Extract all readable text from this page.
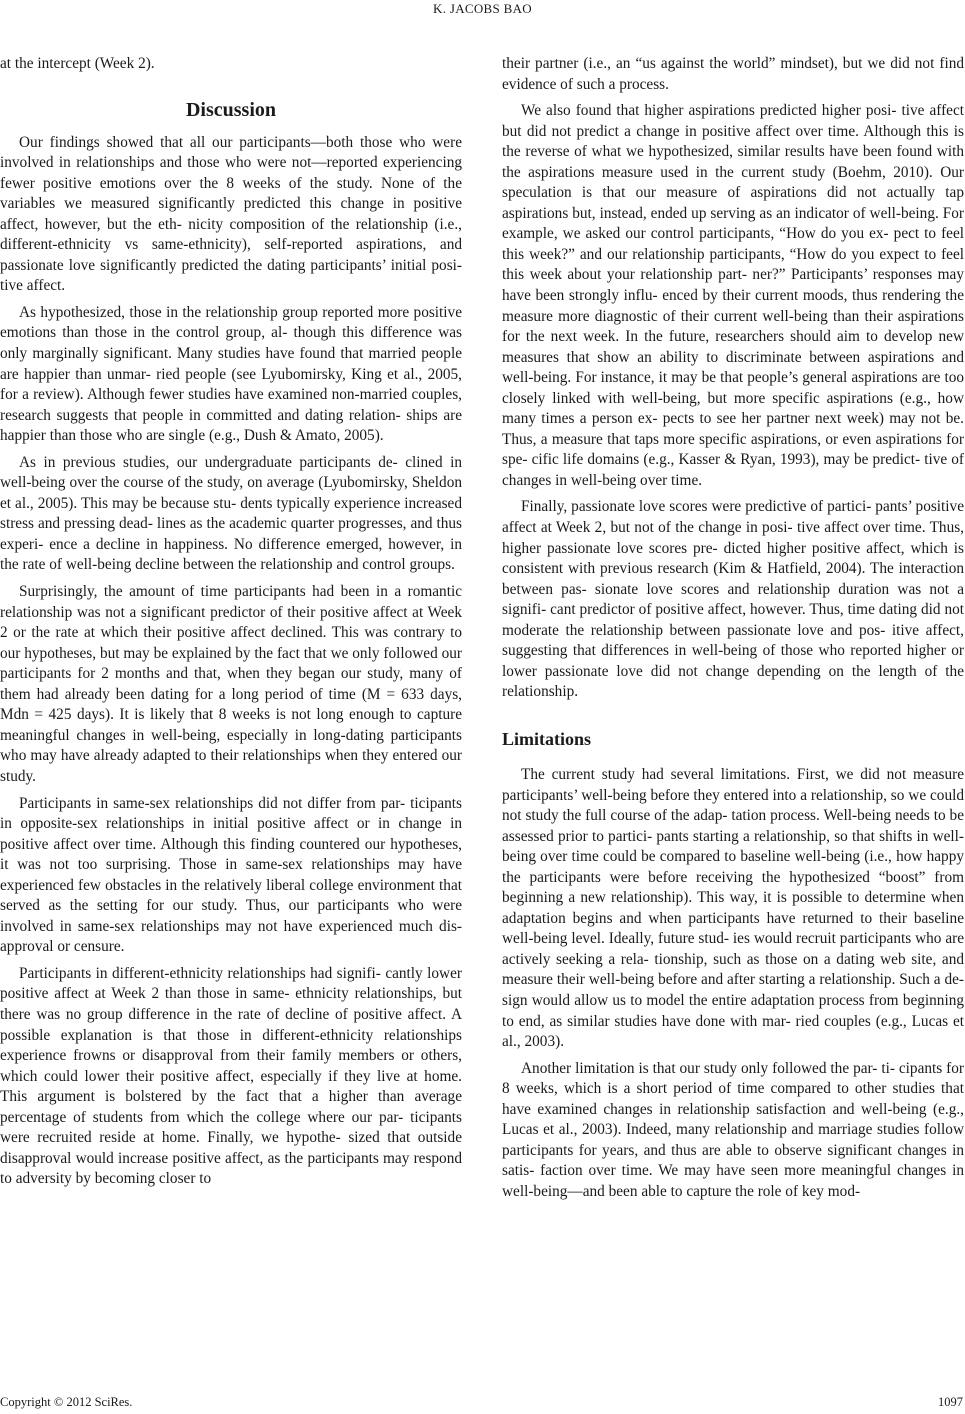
K. JACOBS BAO

at the intercept (Week 2).

Discussion

Our findings showed that all our participants—both those who were involved in relationships and those who were not—reported experiencing fewer positive emotions over the 8 weeks of the study. None of the variables we measured significantly predicted this change in positive affect, however, but the eth- nicity composition of the relationship (i.e., different-ethnicity vs same-ethnicity), self-reported aspirations, and passionate love significantly predicted the dating participants’ initial posi- tive affect.

As hypothesized, those in the relationship group reported more positive emotions than those in the control group, al- though this difference was only marginally significant. Many studies have found that married people are happier than unmar- ried people (see Lyubomirsky, King et al., 2005, for a review). Although fewer studies have examined non-married couples, research suggests that people in committed and dating relation- ships are happier than those who are single (e.g., Dush & Amato, 2005).

As in previous studies, our undergraduate participants de- clined in well-being over the course of the study, on average (Lyubomirsky, Sheldon et al., 2005). This may be because stu- dents typically experience increased stress and pressing dead- lines as the academic quarter progresses, and thus experi- ence a decline in happiness. No difference emerged, however, in the rate of well-being decline between the relationship and control groups.

Surprisingly, the amount of time participants had been in a romantic relationship was not a significant predictor of their positive affect at Week 2 or the rate at which their positive affect declined. This was contrary to our hypotheses, but may be explained by the fact that we only followed our participants for 2 months and that, when they began our study, many of them had already been dating for a long period of time (M = 633 days, Mdn = 425 days). It is likely that 8 weeks is not long enough to capture meaningful changes in well-being, especially in long-dating participants who may have already adapted to their relationships when they entered our study.

Participants in same-sex relationships did not differ from par- ticipants in opposite-sex relationships in initial positive affect or in change in positive affect over time. Although this finding countered our hypotheses, it was not too surprising. Those in same-sex relationships may have experienced few obstacles in the relatively liberal college environment that served as the setting for our study. Thus, our participants who were involved in same-sex relationships may not have experienced much dis- approval or censure.

Participants in different-ethnicity relationships had signifi- cantly lower positive affect at Week 2 than those in same- ethnicity relationships, but there was no group difference in the rate of decline of positive affect. A possible explanation is that those in different-ethnicity relationships experience frowns or disapproval from their family members or others, which could lower their positive affect, especially if they live at home. This argument is bolstered by the fact that a higher than average percentage of students from which the college where our par- ticipants were recruited reside at home. Finally, we hypothe- sized that outside disapproval would increase positive affect, as the participants may respond to adversity by becoming closer to

their partner (i.e., an “us against the world” mindset), but we did not find evidence of such a process.

We also found that higher aspirations predicted higher posi- tive affect but did not predict a change in positive affect over time. Although this is the reverse of what we hypothesized, similar results have been found with the aspirations measure used in the current study (Boehm, 2010). Our speculation is that our measure of aspirations did not actually tap aspirations but, instead, ended up serving as an indicator of well-being. For example, we asked our control participants, “How do you ex- pect to feel this week?” and our relationship participants, “How do you expect to feel this week about your relationship part- ner?” Participants’ responses may have been strongly influ- enced by their current moods, thus rendering the measure more diagnostic of their current well-being than their aspirations for the next week. In the future, researchers should aim to develop new measures that show an ability to discriminate between aspirations and well-being. For instance, it may be that people’s general aspirations are too closely linked with well-being, but more specific aspirations (e.g., how many times a person ex- pects to see her partner next week) may not be. Thus, a measure that taps more specific aspirations, or even aspirations for spe- cific life domains (e.g., Kasser & Ryan, 1993), may be predict- tive of changes in well-being over time.

Finally, passionate love scores were predictive of partici- pants’ positive affect at Week 2, but not of the change in posi- tive affect over time. Thus, higher passionate love scores pre- dicted higher positive affect, which is consistent with previous research (Kim & Hatfield, 2004). The interaction between pas- sionate love scores and relationship duration was not a signifi- cant predictor of positive affect, however. Thus, time dating did not moderate the relationship between passionate love and pos- itive affect, suggesting that differences in well-being of those who reported higher or lower passionate love did not change depending on the length of the relationship.

Limitations

The current study had several limitations. First, we did not measure participants’ well-being before they entered into a relationship, so we could not study the full course of the adap- tation process. Well-being needs to be assessed prior to partici- pants starting a relationship, so that shifts in well-being over time could be compared to baseline well-being (i.e., how happy the participants were before receiving the hypothesized “boost” from beginning a new relationship). This way, it is possible to determine when adaptation begins and when participants have returned to their baseline well-being level. Ideally, future stud- ies would recruit participants who are actively seeking a rela- tionship, such as those on a dating web site, and measure their well-being before and after starting a relationship. Such a de- sign would allow us to model the entire adaptation process from beginning to end, as similar studies have done with mar- ried couples (e.g., Lucas et al., 2003).

Another limitation is that our study only followed the par- ti- cipants for 8 weeks, which is a short period of time compared to other studies that have examined changes in relationship satisfaction and well-being (e.g., Lucas et al., 2003). Indeed, many relationship and marriage studies follow participants for years, and thus are able to observe significant changes in satis- faction over time. We may have seen more meaningful changes in well-being—and been able to capture the role of key mod-

Copyright © 2012 SciRes.	1097
